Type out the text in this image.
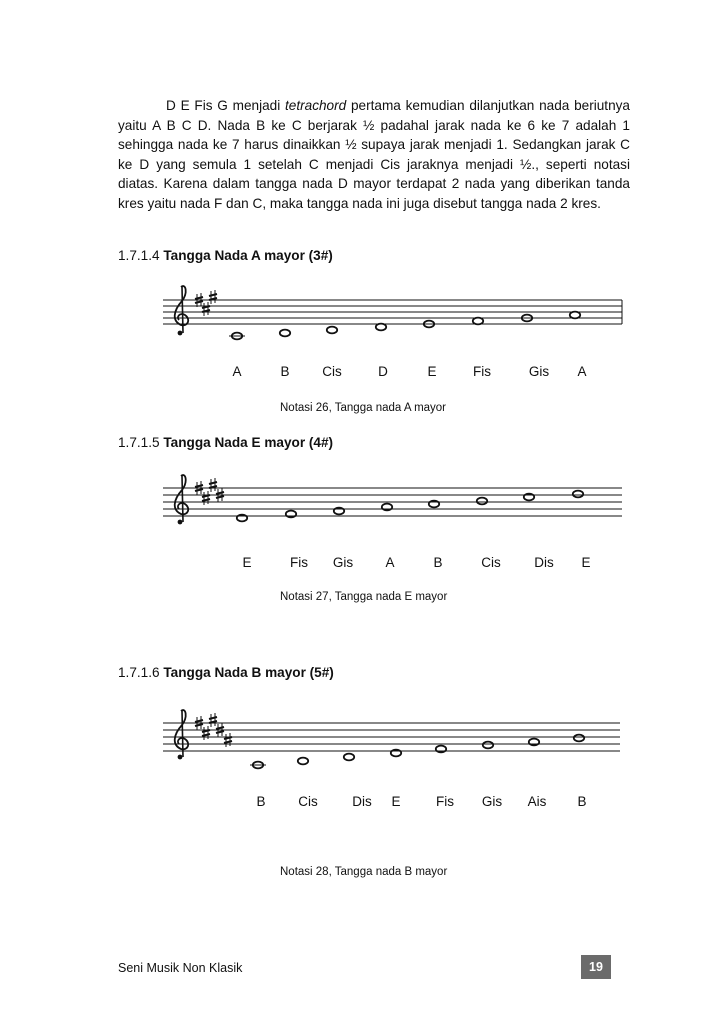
D E Fis G menjadi tetrachord pertama kemudian dilanjutkan nada beriutnya yaitu A B C D. Nada B ke C berjarak ½ padahal jarak nada ke 6 ke 7 adalah 1 sehingga nada ke 7 harus dinaikkan ½ supaya jarak menjadi 1. Sedangkan jarak C ke D yang semula 1 setelah C menjadi Cis jaraknya menjadi ½., seperti notasi diatas. Karena dalam tangga nada D mayor terdapat 2 nada yang diberikan tanda kres yaitu nada F dan C, maka tangga nada ini juga disebut tangga nada 2 kres.

1.7.1.4 Tangga Nada A mayor (3#)
A	B Cis	D	E	Fis	Gis A
Notasi 26, Tangga nada A mayor
1.7.1.5 Tangga Nada E mayor (4#)
E	Fis Gis A	B	Cis Dis E
Notasi 27, Tangga nada E mayor
1.7.1.6 Tangga Nada B mayor (5#)
B Cis	Dis E	Fis Gis Ais B
Notasi 28, Tangga nada B mayor
Seni Musik Non Klasik	19
